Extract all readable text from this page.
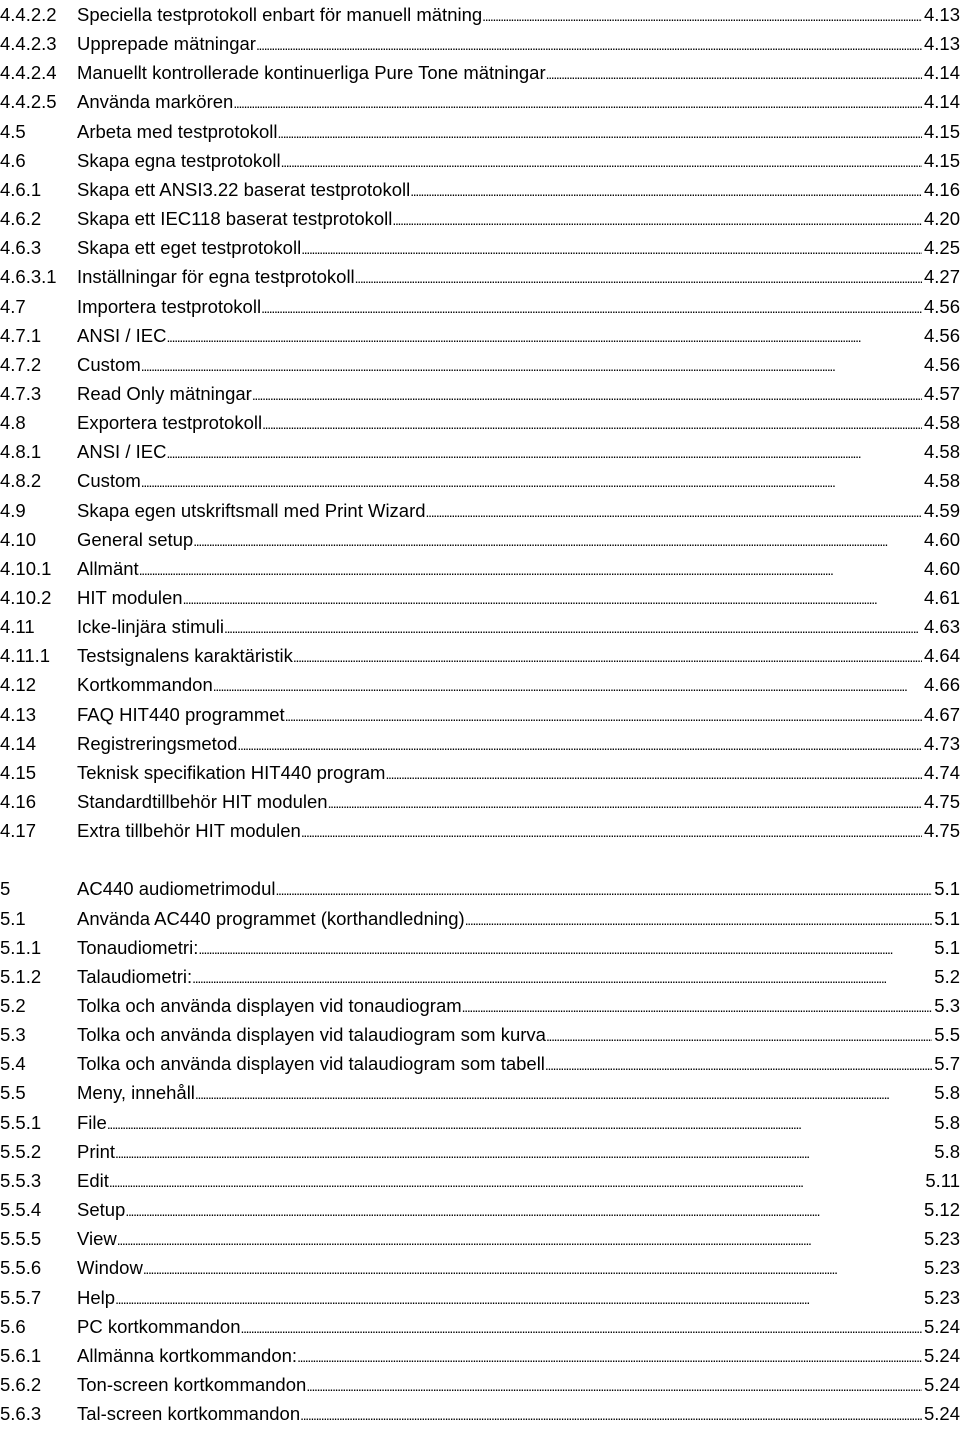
4.4.2.2 Speciella testprotokoll enbart för manuell mätning . . .	4.13
4.4.2.3 Upprepade mätningar . . .	4.13
4.4.2.4 Manuellt kontrollerade kontinuerliga Pure Tone mätningar . . .	4.14
4.4.2.5 Använda markören . . .	4.14
4.5	Arbeta med testprotokoll . . .	4.15
4.6	Skapa egna testprotokoll . . .	4.15
4.6.1 Skapa ett ANSI3.22 baserat testprotokoll . . .	4.16
4.6.2 Skapa ett IEC118 baserat testprotokoll . . .	4.20
4.6.3 Skapa ett eget testprotokoll . . .	4.25
4.6.3.1 Inställningar för egna testprotokoll . . .	4.27
4.7	Importera testprotokoll . . .	4.56
4.7.1 ANSI / IEC . . .	4.56
4.7.2 Custom . . .	4.56
4.7.3 Read Only mätningar . . .	4.57
4.8	Exportera testprotokoll . . .	4.58
4.8.1 ANSI / IEC . . .	4.58
4.8.2 Custom . . .	4.58
4.9	Skapa egen utskriftsmall med Print Wizard . . .	4.59
4.10 General setup . . .	4.60
4.10.1 Allmänt . . .	4.60
4.10.2 HIT modulen . . .	4.61
4.11 Icke-linjära stimuli . . .	4.63
4.11.1 Testsignalens karaktäristik . . .	4.64
4.12 Kortkommandon . . .	4.66
4.13 FAQ HIT440 programmet . . .	4.67
4.14 Registreringsmetod . . .	4.73
4.15 Teknisk specifikation HIT440 program . . .	4.74
4.16 Standardtillbehör HIT modulen . . .	4.75
4.17 Extra tillbehör HIT modulen . . .	4.75
5	AC440 audiometrimodul . . .	5.1
5.1	Använda AC440 programmet (korthandledning) . . .	5.1
5.1.1 Tonaudiometri: . . .	5.1
5.1.2 Talaudiometri: . . .	5.2
5.2	Tolka och använda displayen vid tonaudiogram . . .	5.3
5.3	Tolka och använda displayen vid talaudiogram som kurva . . .	5.5
5.4	Tolka och använda displayen vid talaudiogram som tabell . . .	5.7
5.5	Meny, innehåll . . .	5.8
5.5.1 File . . .	5.8
5.5.2 Print . . .	5.8
5.5.3 Edit . . .	5.11
5.5.4 Setup . . .	5.12
5.5.5 View . . .	5.23
5.5.6 Window . . .	5.23
5.5.7 Help . . .	5.23
5.6	PC kortkommandon . . .	5.24
5.6.1 Allmänna kortkommandon: . . .	5.24
5.6.2 Ton-screen kortkommandon . . .	5.24
5.6.3 Tal-screen kortkommandon . . .	5.24
